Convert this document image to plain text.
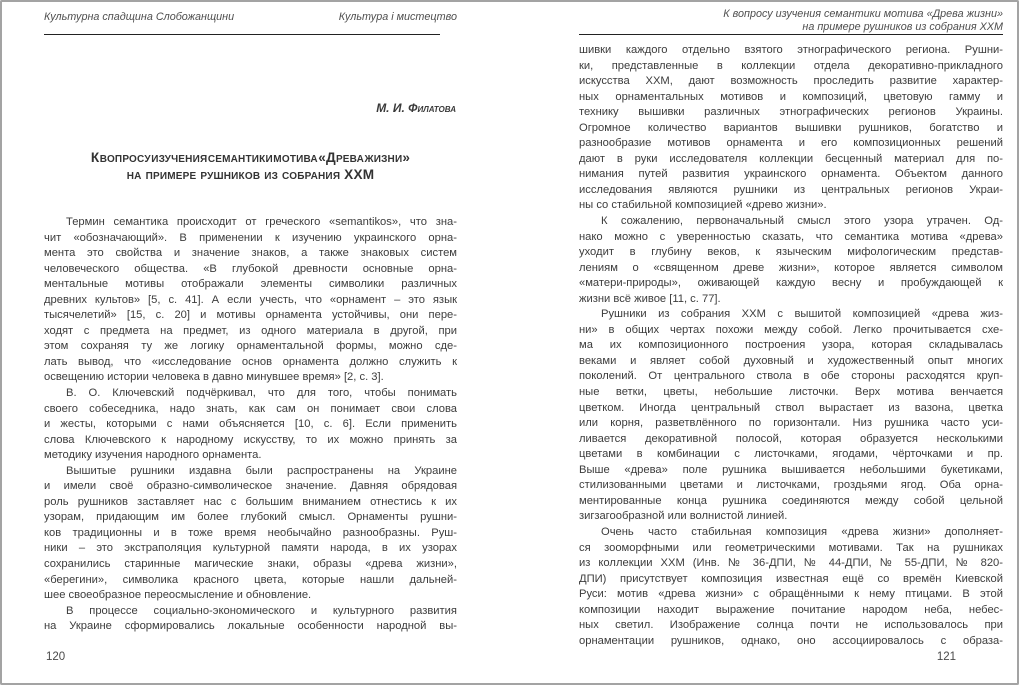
Культурна спадщина Слобожанщини	Культура і мистецтво
М. И. Филатова
К вопросу изучения семантики мотива «Древа жизни»
на примере рушников из собрания ХХМ
Термин семантика происходит от греческого «semantikos», что зна-
чит «обозначающий». В применении к изучению украинского орна-
мента это свойства и значение знаков, а также знаковых систем
человеческого общества. «В глубокой древности основные орна-
ментальные мотивы отображали элементы символики различных
древних культов» [5, с. 41]. А если учесть, что «орнамент – это язык
тысячелетий» [15, с. 20] и мотивы орнамента устойчивы, они пере-
ходят с предмета на предмет, из одного материала в другой, при
этом сохраняя ту же логику орнаментальной формы, можно сде-
лать вывод, что «исследование основ орнамента должно служить к
освещению истории человека в давно минувшее время» [2, с. 3].
В. О. Ключевский подчёркивал, что для того, чтобы понимать
своего собеседника, надо знать, как сам он понимает свои слова
и жесты, которыми с нами объясняется [10, с. 6]. Если применить
слова Ключевского к народному искусству, то их можно принять за
методику изучения народного орнамента.
Вышитые рушники издавна были распространены на Украине
и имели своё образно-символическое значение. Давняя обрядовая
роль рушников заставляет нас с большим вниманием отнестись к их
узорам, придающим им более глубокий смысл. Орнаменты рушни-
ков традиционны и в тоже время необычайно разнообразны. Руш-
ники – это экстраполяция культурной памяти народа, в их узорах
сохранились старинные магические знаки, образы «древа жизни»,
«берегини», символика красного цвета, которые нашли дальней-
шее своеобразное переосмысление и обновление.
В процессе социально-экономического и культурного развития
на Украине сформировались локальные особенности народной вы-
120
К вопросу изучения семантики мотива «Древа жизни»
на примере рушников из собрания ХХМ
шивки каждого отдельно взятого этнографического региона. Рушни-
ки, представленные в коллекции отдела декоративно-прикладного
искусства ХХМ, дают возможность проследить развитие характер-
ных орнаментальных мотивов и композиций, цветовую гамму и
технику вышивки различных этнографических регионов Украины.
Огромное количество вариантов вышивки рушников, богатство и
разнообразие мотивов орнамента и его композиционных решений
дают в руки исследователя коллекции бесценный материал для по-
нимания путей развития украинского орнамента. Объектом данного
исследования являются рушники из центральных регионов Украи-
ны со стабильной композицией «древо жизни».
К сожалению, первоначальный смысл этого узора утрачен. Од-
нако можно с уверенностью сказать, что семантика мотива «древа»
уходит в глубину веков, к языческим мифологическим представ-
лениям о «священном древе жизни», которое является символом
«матери-природы», оживающей каждую весну и пробуждающей к
жизни всё живое [11, с. 77].
Рушники из собрания ХХМ с вышитой композицией «древа жиз-
ни» в общих чертах похожи между собой. Легко прочитывается схе-
ма их композиционного построения узора, которая складывалась
веками и являет собой духовный и художественный опыт многих
поколений. От центрального ствола в обе стороны расходятся круп-
ные ветки, цветы, небольшие листочки. Верх мотива венчается
цветком. Иногда центральный ствол вырастает из вазона, цветка
или корня, разветвлённого по горизонтали. Низ рушника часто уси-
ливается декоративной полосой, которая образуется несколькими
цветами в комбинации с листочками, ягодами, чёрточками и пр.
Выше «древа» поле рушника вышивается небольшими букетиками,
стилизованными цветами и листочками, гроздьями ягод. Оба орна-
ментированные конца рушника соединяются между собой цельной
зигзагообразной или волнистой линией.
Очень часто стабильная композиция «древа жизни» дополняет-
ся зооморфными или геометрическими мотивами. Так на рушниках
из коллекции ХХМ (Инв. № 36-ДПИ, № 44-ДПИ, № 55-ДПИ, № 820-
ДПИ) присутствует композиция известная ещё со времён Киевской
Руси: мотив «древа жизни» с обращёнными к нему птицами. В этой
композиции находит выражение почитание народом неба, небес-
ных светил. Изображение солнца почти не использовалось при
орнаментации рушников, однако, оно ассоциировалось с образа-
121
